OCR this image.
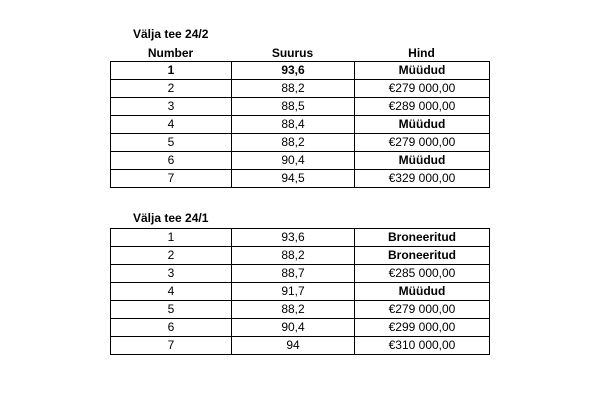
Välja tee 24/2
Number	Suurus	Hind
1	93,6	Müüdud
2	88,2	€279 000,00
3	88,5	€289 000,00
4	88,4	Müüdud
5	88,2	€279 000,00
6	90,4	Müüdud
7	94,5	€329 000,00
Välja tee 24/1
1	93,6	Broneeritud
2	88,2	Broneeritud
3	88,7	€285 000,00
4	91,7	Müüdud
5	88,2	€279 000,00
6	90,4	€299 000,00
7	94	€310 000,00
